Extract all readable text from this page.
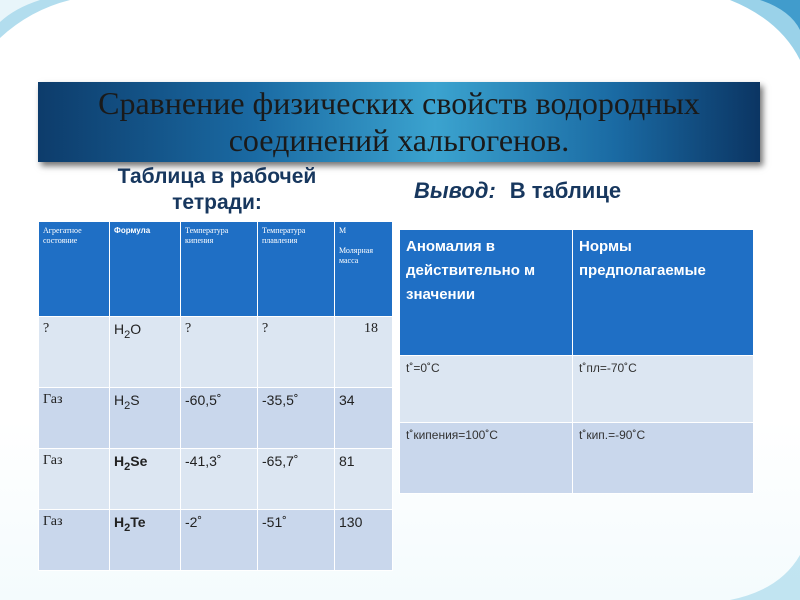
Сравнение физических свойств водородных соединений хальгогенов.
Таблица в рабочей тетради:	Вывод: В таблице
Агрегатное состояние	Формула	Температура кипения	Температура плавления	М

Молярная масса
?	$H_2O$	?	?	18
Газ	$H_2S$	-60,5˚	-35,5˚	34
Газ	$H_2Se$	-41,3˚	-65,7˚	81
Газ	$H_2Te$	-2˚	-51˚	130
Аномалия в действительно м значении	Нормы предполагаемые
t˚=0˚C	t˚пл=-70˚C
t˚кипения=100˚C	t˚кип.=-90˚C
